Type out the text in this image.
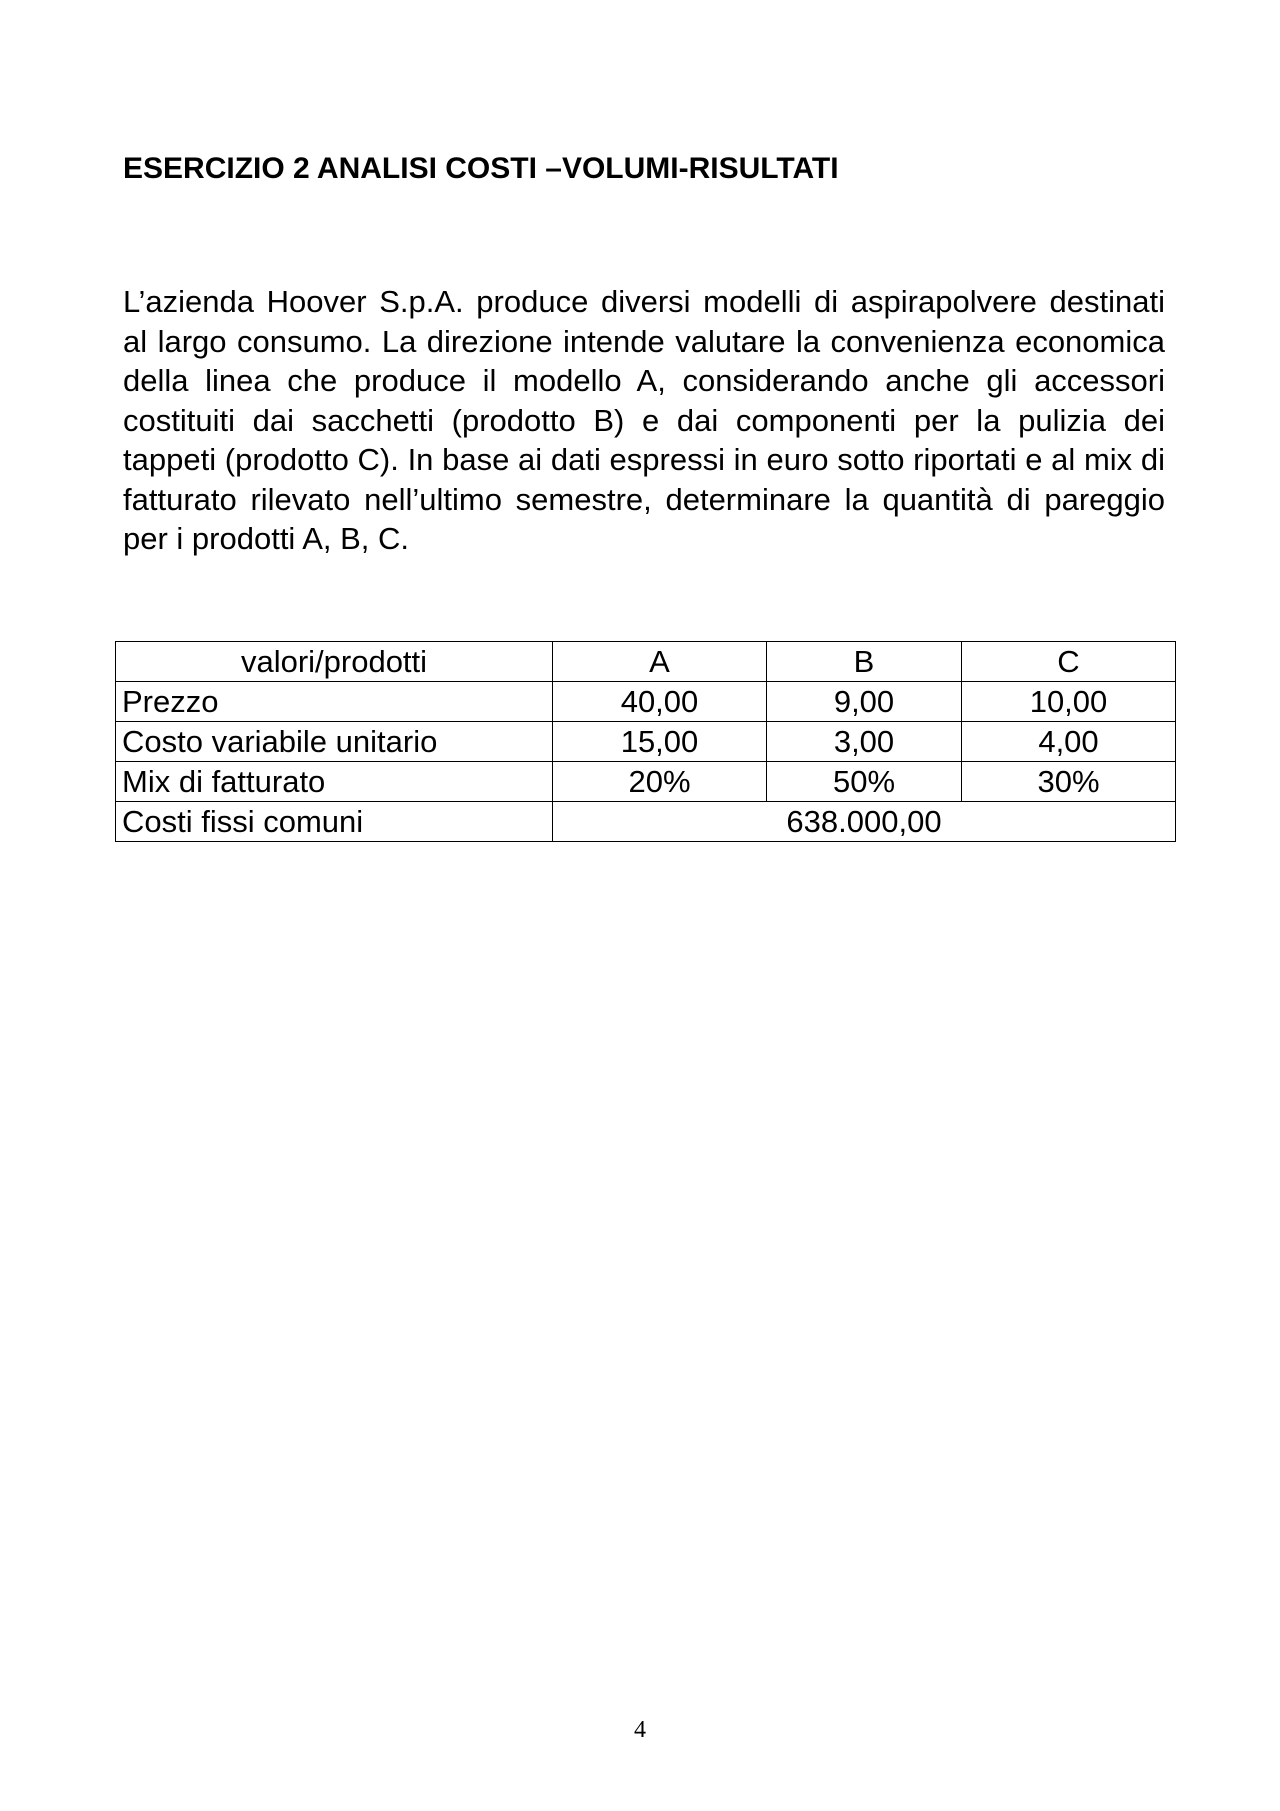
ESERCIZIO 2 ANALISI COSTI –VOLUMI-RISULTATI

L’azienda Hoover S.p.A. produce diversi modelli di aspirapolvere destinati al largo consumo. La direzione intende valutare la convenienza economica della linea che produce il modello A, considerando anche gli accessori costituiti dai sacchetti (prodotto B) e dai componenti per la pulizia dei tappeti (prodotto C). In base ai dati espressi in euro sotto riportati e al mix di fatturato rilevato nell’ultimo semestre, determinare la quantità di pareggio per i prodotti A, B, C.

valori/prodotti	A	B	C
Prezzo	40,00	9,00	10,00
Costo variabile unitario	15,00	3,00	4,00
Mix di fatturato	20%	50%	30%
Costi fissi comuni	638.000,00		
4
